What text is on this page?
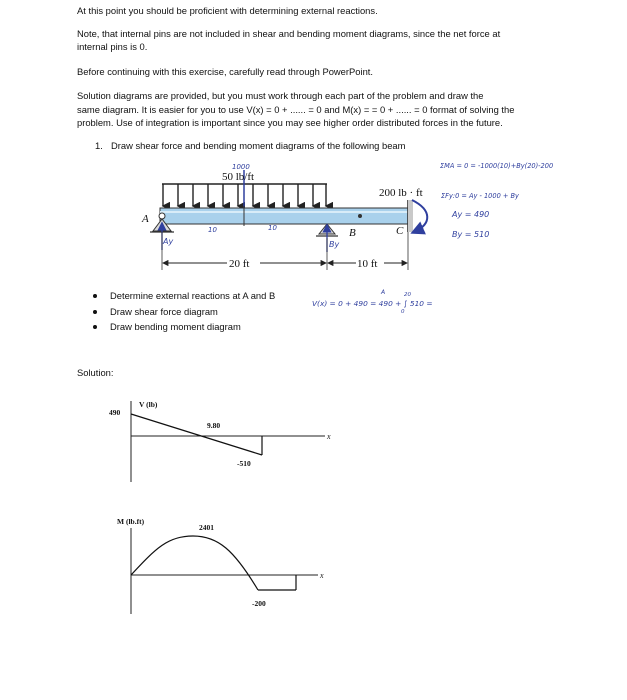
At this point you should be proficient with determining external reactions.
Note, that internal pins are not included in shear and bending moment diagrams, since the net force at
internal pins is 0.
Before continuing with this exercise, carefully read through PowerPoint.
Solution diagrams are provided, but you must work through each part of the problem and draw the
same diagram. It is easier for you to use V(x) = 0 + ...... = 0 and M(x) = = 0 + ...... = 0 format of solving the
problem. Use of integration is important since you may see higher order distributed forces in the future.
1. Draw shear force and bending moment diagrams of the following beam
50 lb/ft
200 lb · ft
A
B	C
20 ft	10 ft
1000
10	10
Ay	By
ΣMA = 0 = -1000(10)+By(20)-200
ΣFy:0 = Ay - 1000 + By
Ay = 490
By = 510
A
V(x) = 0 + 490 = 490 + ∫ 510 =
20
0
V (lb)
490
9.80
-510
x
M (lb.ft)
2401
-200
x
Determine external reactions at A and B
Draw shear force diagram
Draw bending moment diagram
Solution:
